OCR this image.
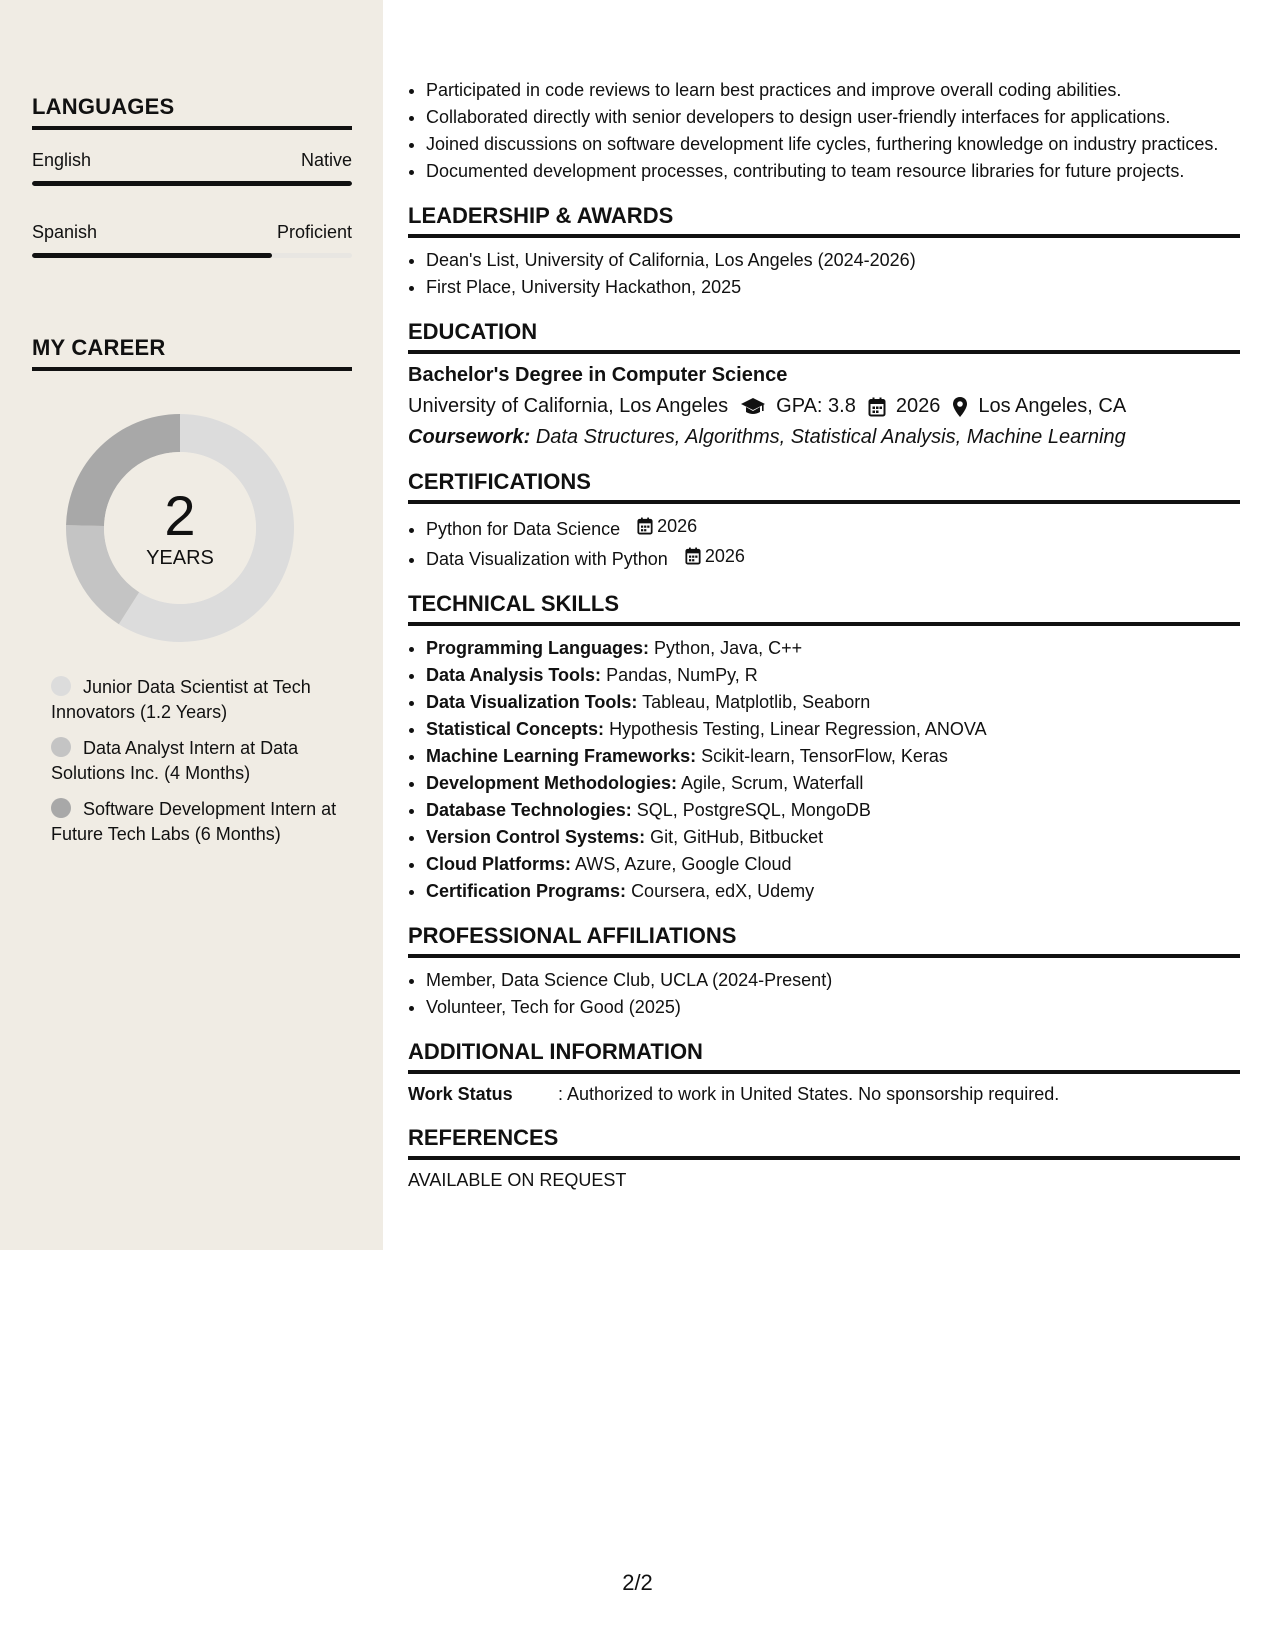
LANGUAGES
English	Native
Spanish	Proficient
MY CAREER
2
YEARS
Junior Data Scientist at Tech Innovators (1.2 Years)
Data Analyst Intern at Data Solutions Inc. (4 Months)
Software Development Intern at Future Tech Labs (6 Months)
• Participated in code reviews to learn best practices and improve overall coding abilities.
• Collaborated directly with senior developers to design user-friendly interfaces for applications.
• Joined discussions on software development life cycles, furthering knowledge on industry practices.
• Documented development processes, contributing to team resource libraries for future projects.
LEADERSHIP & AWARDS
• Dean's List, University of California, Los Angeles (2024-2026)
• First Place, University Hackathon, 2025
EDUCATION
Bachelor's Degree in Computer Science
University of California, Los Angeles GPA: 3.8 2026 Los Angeles, CA
Coursework: Data Structures, Algorithms, Statistical Analysis, Machine Learning
CERTIFICATIONS
• Python for Data Science 2026
• Data Visualization with Python 2026
TECHNICAL SKILLS
• Programming Languages: Python, Java, C++
• Data Analysis Tools: Pandas, NumPy, R
• Data Visualization Tools: Tableau, Matplotlib, Seaborn
• Statistical Concepts: Hypothesis Testing, Linear Regression, ANOVA
• Machine Learning Frameworks: Scikit-learn, TensorFlow, Keras
• Development Methodologies: Agile, Scrum, Waterfall
• Database Technologies: SQL, PostgreSQL, MongoDB
• Version Control Systems: Git, GitHub, Bitbucket
• Cloud Platforms: AWS, Azure, Google Cloud
• Certification Programs: Coursera, edX, Udemy
PROFESSIONAL AFFILIATIONS
• Member, Data Science Club, UCLA (2024-Present)
• Volunteer, Tech for Good (2025)
ADDITIONAL INFORMATION
Work Status	: Authorized to work in United States. No sponsorship required.
REFERENCES
AVAILABLE ON REQUEST
2/2
